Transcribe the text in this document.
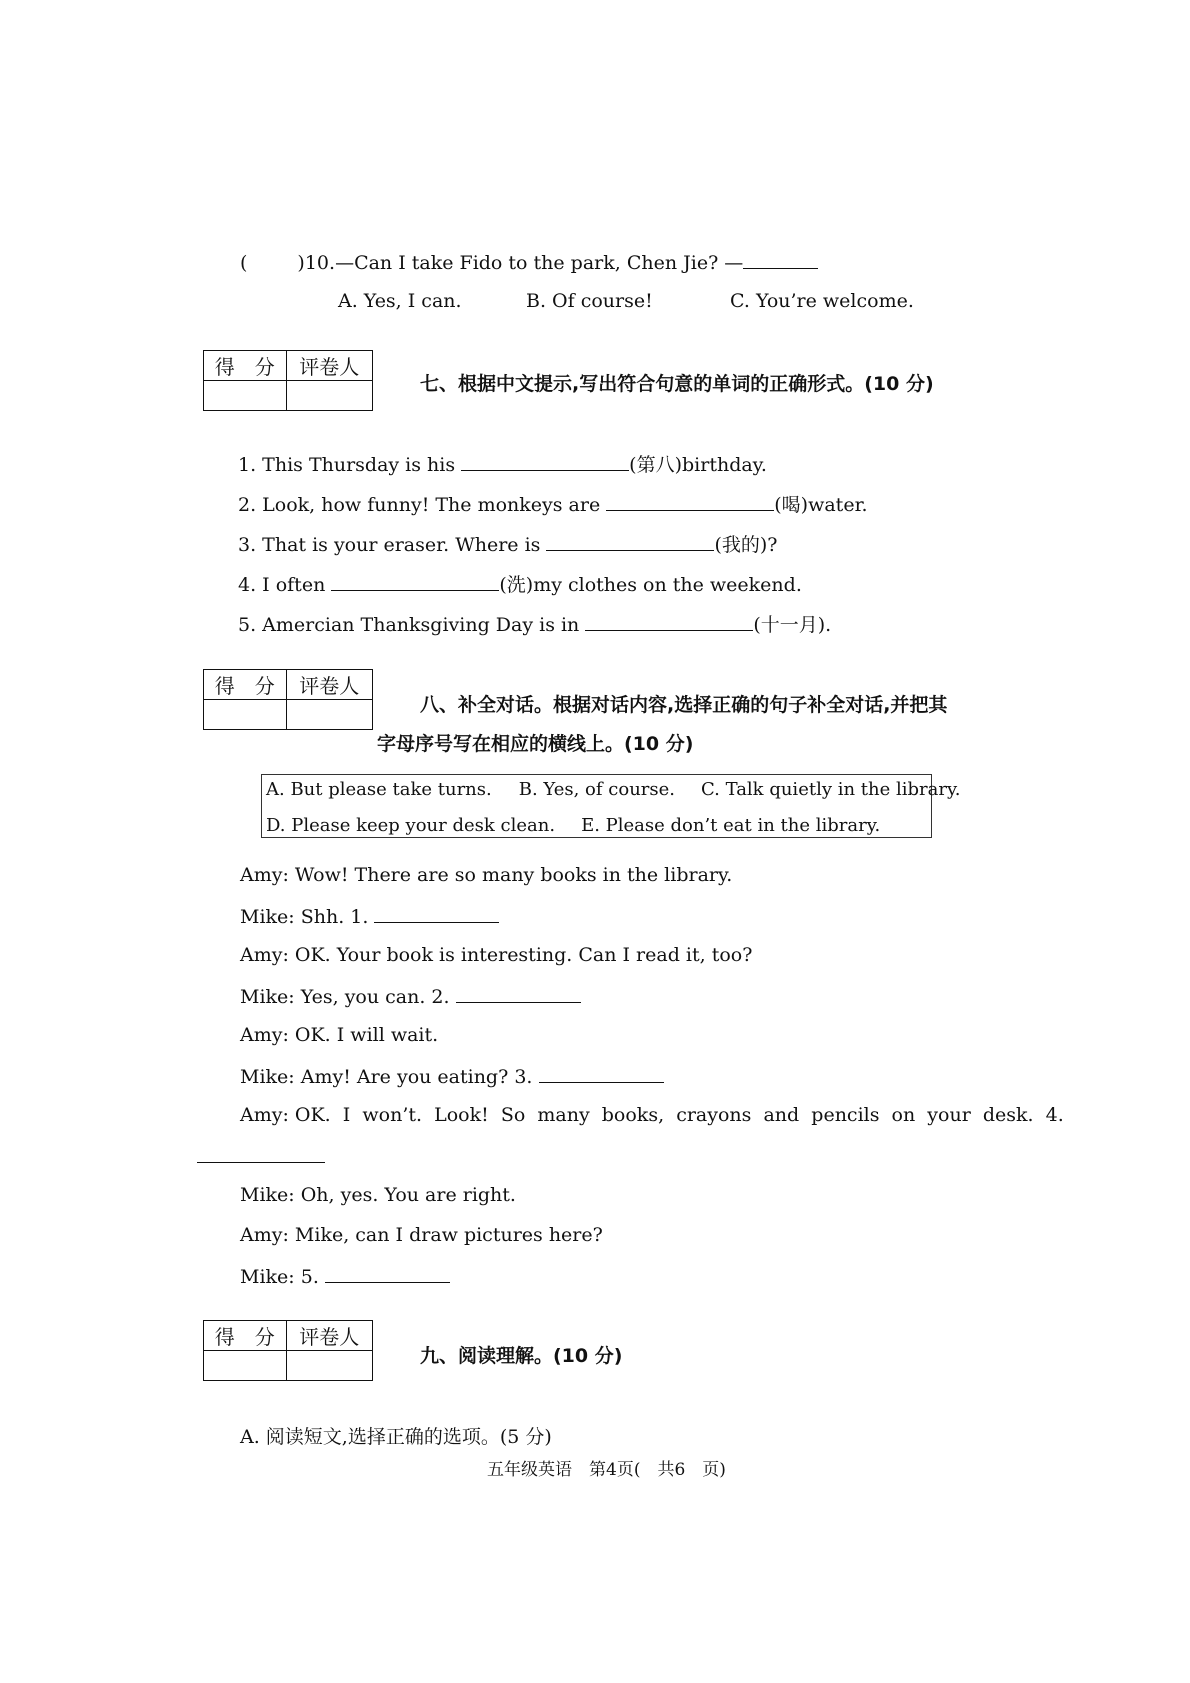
(	)10.—Can I take Fido to the park, Chen Jie? —
A. Yes, I can.	B. Of course!	C. You’re welcome.
得　分	评卷人

七、根据中文提示,写出符合句意的单词的正确形式。(10 分)
1. This Thursday is his	(第八)birthday.
2. Look, how funny! The monkeys are	(喝)water.
3. That is your eraser. Where is	(我的)?
4. I often	(洗)my clothes on the weekend.
5. Amercian Thanksgiving Day is in	(十一月).
得　分	评卷人

八、补全对话。根据对话内容,选择正确的句子补全对话,并把其
字母序号写在相应的横线上。(10 分)
A. But please take turns. B. Yes, of course. C. Talk quietly in the library.
D. Please keep your desk clean. E. Please don’t eat in the library.
Amy: Wow! There are so many books in the library.
Mike: Shh. 1.
Amy: OK. Your book is interesting. Can I read it, too?
Mike: Yes, you can. 2.
Amy: OK. I will wait.
Mike: Amy! Are you eating? 3.
Amy: OK.  I  won’t.  Look!  So  many  books,  crayons  and  pencils  on  your  desk.  4.
Mike: Oh, yes. You are right.
Amy: Mike, can I draw pictures here?
Mike: 5.
得　分	评卷人

九、阅读理解。(10 分)
A. 阅读短文,选择正确的选项。(5 分)
五年级英语　第4页(　共6　页)
